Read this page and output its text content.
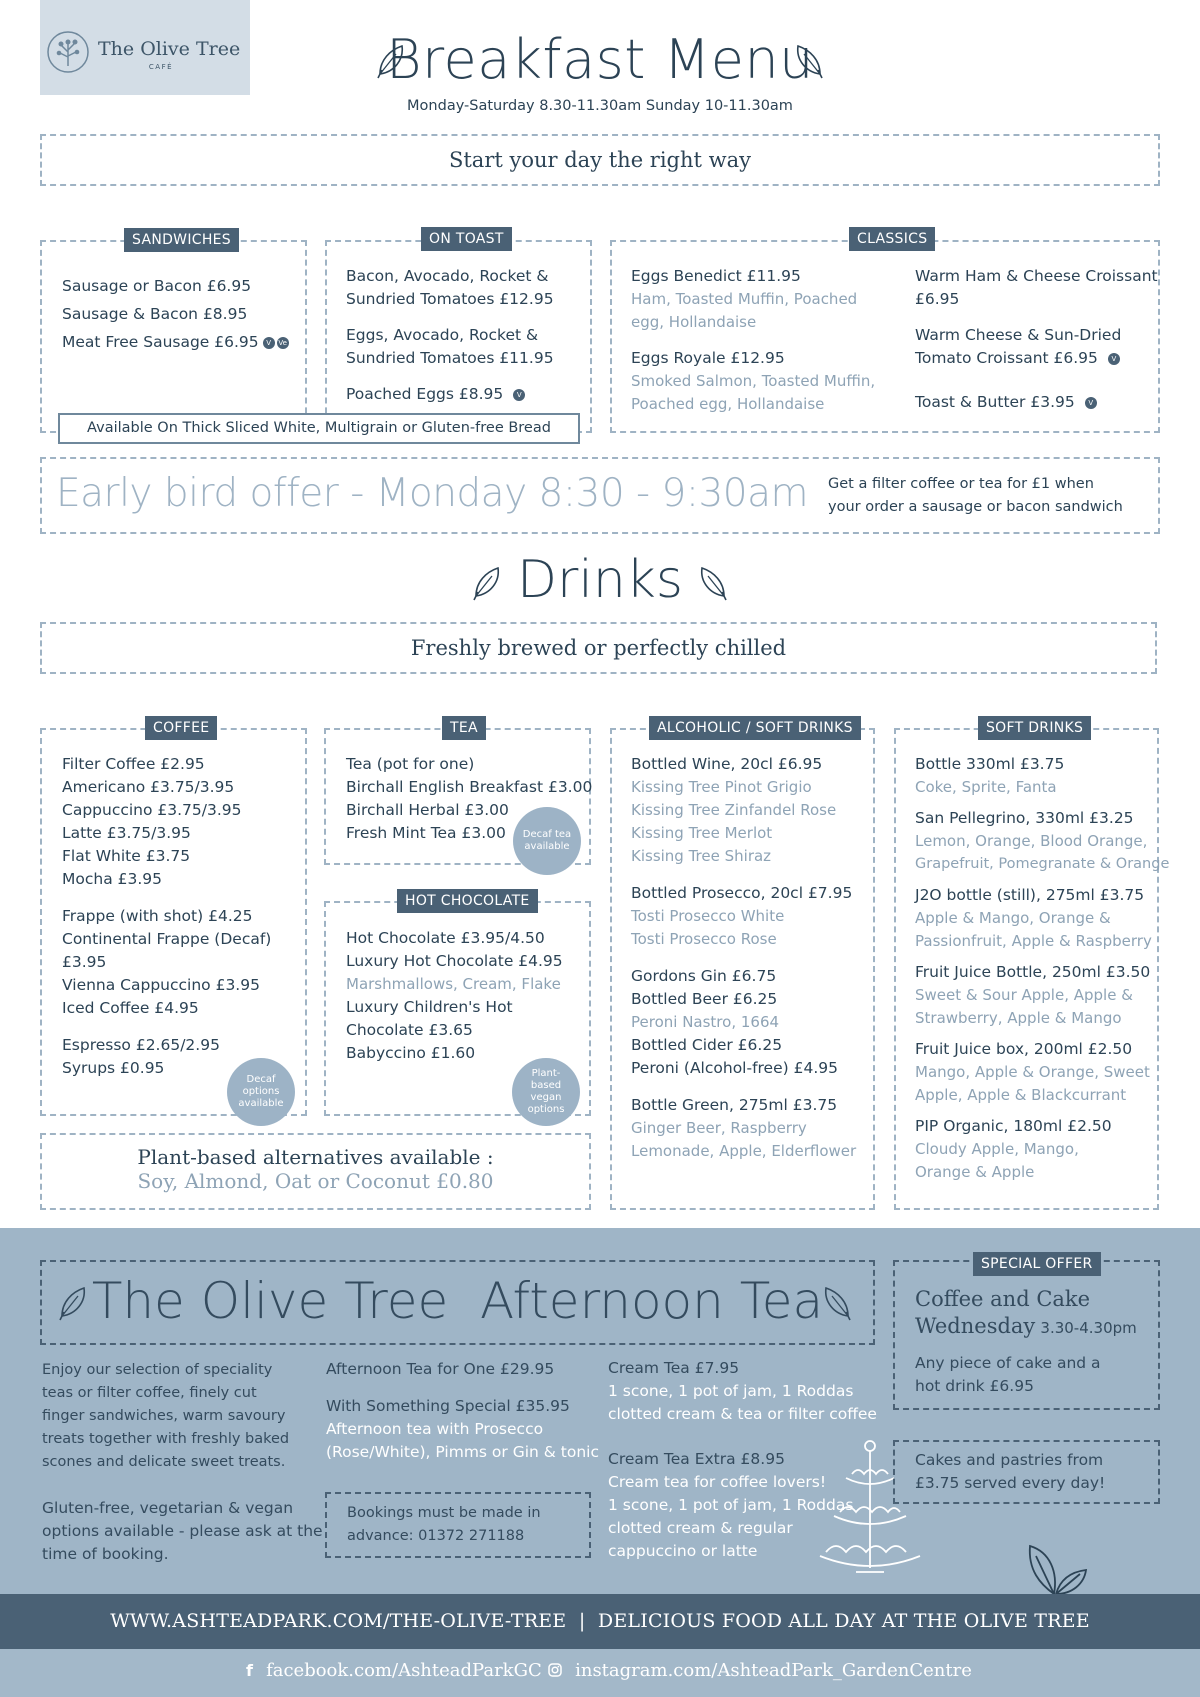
The Olive Tree
CAFÉ	Breakfast Menu
Monday-Saturday 8.30-11.30am Sunday 10-11.30am
Start your day the right way
SANDWICHES
Sausage or Bacon £6.95
Sausage & Bacon £8.95
Meat Free Sausage £6.95 V Ve
ON TOAST
Bacon, Avocado, Rocket &
Sundried Tomatoes £12.95
Eggs, Avocado, Rocket &
Sundried Tomatoes £11.95
Poached Eggs £8.95 V
Available On Thick Sliced White, Multigrain or Gluten-free Bread
CLASSICS
Eggs Benedict £11.95
Ham, Toasted Muffin, Poached
egg, Hollandaise
Eggs Royale £12.95
Smoked Salmon, Toasted Muffin,
Poached egg, Hollandaise
Warm Ham & Cheese Croissant
£6.95
Warm Cheese & Sun-Dried
Tomato Croissant £6.95 V
Toast & Butter £3.95 V
Early bird offer - Monday 8:30 - 9:30am Get a filter coffee or tea for £1 when
your order a sausage or bacon sandwich
Drinks
Freshly brewed or perfectly chilled
COFFEE
Filter Coffee £2.95
Americano £3.75/3.95
Cappuccino £3.75/3.95
Latte £3.75/3.95
Flat White £3.75
Mocha £3.95
Frappe (with shot) £4.25
Continental Frappe (Decaf)
£3.95
Vienna Cappuccino £3.95
Iced Coffee £4.95
Espresso £2.65/2.95
Syrups £0.95
Decaf options available
TEA
Tea (pot for one)
Birchall English Breakfast £3.00
Birchall Herbal £3.00
Fresh Mint Tea £3.00	Decaf tea available
HOT CHOCOLATE
Hot Chocolate £3.95/4.50
Luxury Hot Chocolate £4.95
Marshmallows, Cream, Flake
Luxury Children's Hot
Chocolate £3.65
Babyccino £1.60
Plant-based vegan options
Plant-based alternatives available :
Soy, Almond, Oat or Coconut £0.80
ALCOHOLIC / SOFT DRINKS
Bottled Wine, 20cl £6.95
Kissing Tree Pinot Grigio
Kissing Tree Zinfandel Rose
Kissing Tree Merlot
Kissing Tree Shiraz
Bottled Prosecco, 20cl £7.95
Tosti Prosecco White
Tosti Prosecco Rose
Gordons Gin £6.75
Bottled Beer £6.25
Peroni Nastro, 1664
Bottled Cider £6.25
Peroni (Alcohol-free) £4.95
Bottle Green, 275ml £3.75
Ginger Beer, Raspberry
Lemonade, Apple, Elderflower
SOFT DRINKS
Bottle 330ml £3.75
Coke, Sprite, Fanta
San Pellegrino, 330ml £3.25
Lemon, Orange, Blood Orange,
Grapefruit, Pomegranate & Orange
J2O bottle (still), 275ml £3.75
Apple & Mango, Orange &
Passionfruit, Apple & Raspberry
Fruit Juice Bottle, 250ml £3.50
Sweet & Sour Apple, Apple &
Strawberry, Apple & Mango
Fruit Juice box, 200ml £2.50
Mango, Apple & Orange, Sweet
Apple, Apple & Blackcurrant
PIP Organic, 180ml £2.50
Cloudy Apple, Mango,
Orange & Apple
The Olive Tree  Afternoon Tea
Enjoy our selection of speciality
teas or filter coffee, finely cut
finger sandwiches, warm savoury
treats together with freshly baked
scones and delicate sweet treats.
Gluten-free, vegetarian & vegan
options available - please ask at the
time of booking.
Afternoon Tea for One £29.95
With Something Special £35.95
Afternoon tea with Prosecco
(Rose/White), Pimms or Gin & tonic
Bookings must be made in
advance: 01372 271188
Cream Tea £7.95
1 scone, 1 pot of jam, 1 Roddas
clotted cream & tea or filter coffee
Cream Tea Extra £8.95
Cream tea for coffee lovers!
1 scone, 1 pot of jam, 1 Roddas
clotted cream & regular
cappuccino or latte
SPECIAL OFFER
Coffee and Cake
Wednesday 3.30-4.30pm
Any piece of cake and a
hot drink £6.95
Cakes and pastries from
£3.75 served every day!
WWW.ASHTEADPARK.COM/THE-OLIVE-TREE  |  DELICIOUS FOOD ALL DAY AT THE OLIVE TREE
f facebook.com/AshteadParkGC	instagram.com/AshteadPark_GardenCentre
